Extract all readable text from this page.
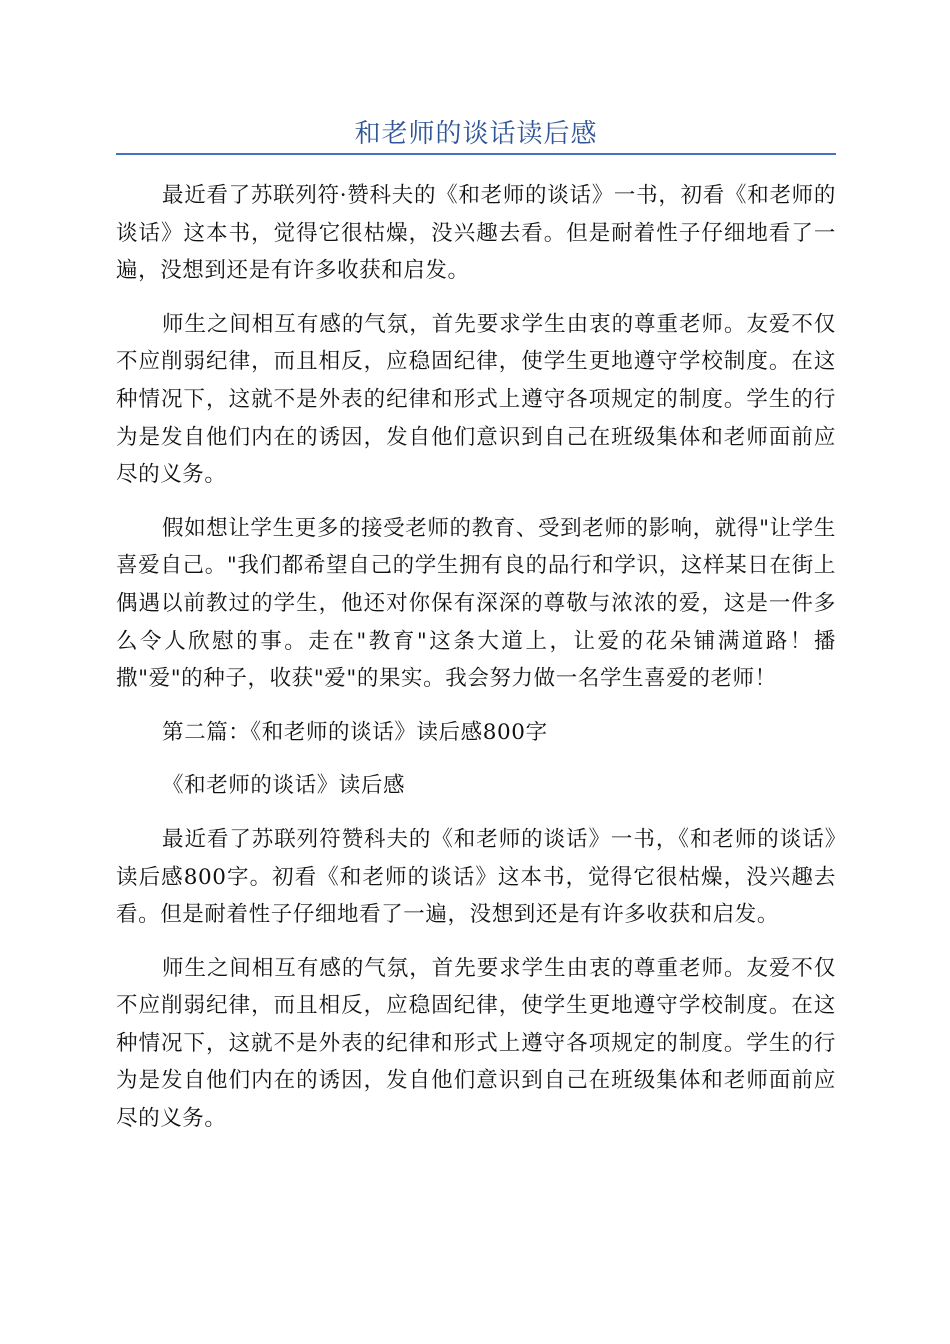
和老师的谈话读后感

最近看了苏联列符·赞科夫的《和老师的谈话》一书，初看《和老师的谈话》这本书，觉得它很枯燥，没兴趣去看。但是耐着性子仔细地看了一遍，没想到还是有许多收获和启发。

师生之间相互有感的气氛，首先要求学生由衷的尊重老师。友爱不仅不应削弱纪律，而且相反，应稳固纪律，使学生更地遵守学校制度。在这种情况下，这就不是外表的纪律和形式上遵守各项规定的制度。学生的行为是发自他们内在的诱因，发自他们意识到自己在班级集体和老师面前应尽的义务。

假如想让学生更多的接受老师的教育、受到老师的影响，就得"让学生喜爱自己。"我们都希望自己的学生拥有良的品行和学识，这样某日在街上偶遇以前教过的学生，他还对你保有深深的尊敬与浓浓的爱，这是一件多么令人欣慰的事。走在"教育"这条大道上，让爱的花朵铺满道路！播撒"爱"的种子，收获"爱"的果实。我会努力做一名学生喜爱的老师！

第二篇：《和老师的谈话》读后感800字

《和老师的谈话》读后感

最近看了苏联列符赞科夫的《和老师的谈话》一书，《和老师的谈话》读后感800字。初看《和老师的谈话》这本书，觉得它很枯燥，没兴趣去看。但是耐着性子仔细地看了一遍，没想到还是有许多收获和启发。

师生之间相互有感的气氛，首先要求学生由衷的尊重老师。友爱不仅不应削弱纪律，而且相反，应稳固纪律，使学生更地遵守学校制度。在这种情况下，这就不是外表的纪律和形式上遵守各项规定的制度。学生的行为是发自他们内在的诱因，发自他们意识到自己在班级集体和老师面前应尽的义务。
